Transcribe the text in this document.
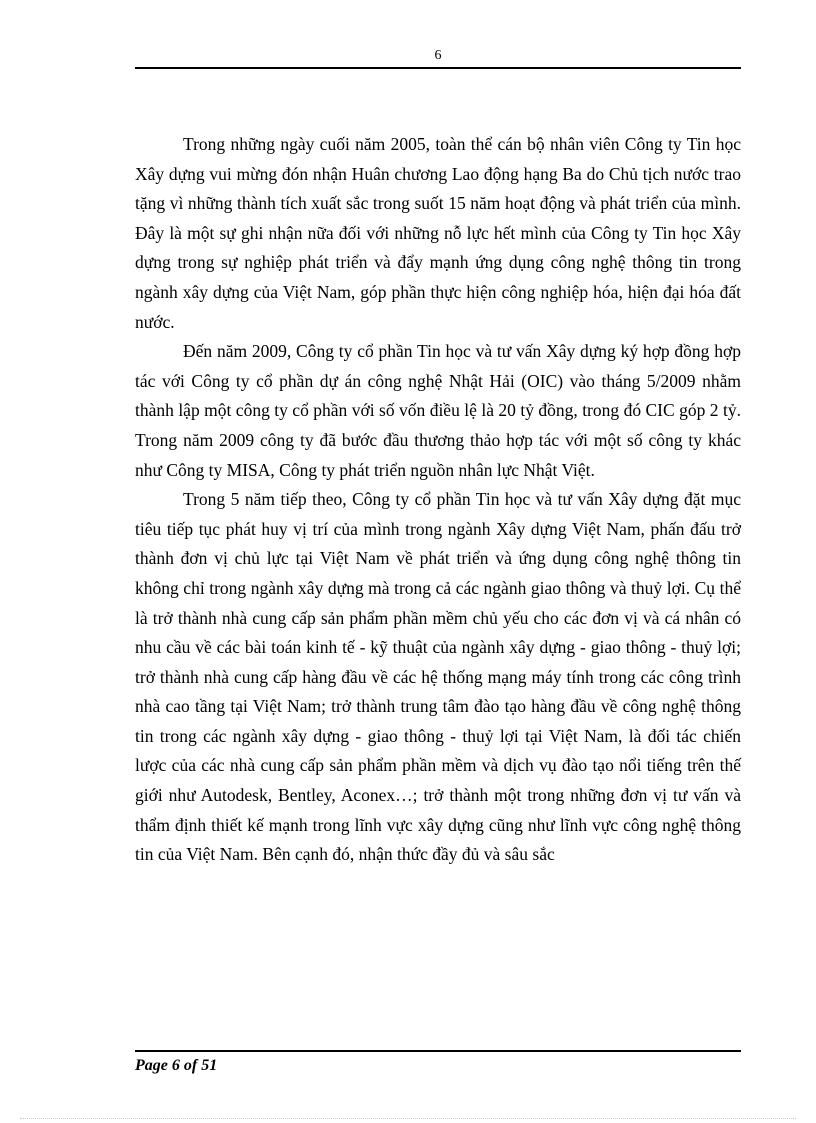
6

Trong những ngày cuối năm 2005, toàn thể cán bộ nhân viên Công ty Tin học Xây dựng vui mừng đón nhận Huân chương Lao động hạng Ba do Chủ tịch nước trao tặng vì những thành tích xuất sắc trong suốt 15 năm hoạt động và phát triển của mình. Đây là một sự ghi nhận nữa đối với những nỗ lực hết mình của Công ty Tin học Xây dựng trong sự nghiệp phát triển và đẩy mạnh ứng dụng công nghệ thông tin trong ngành xây dựng của Việt Nam, góp phần thực hiện công nghiệp hóa, hiện đại hóa đất nước.

Đến năm 2009, Công ty cổ phần Tin học và tư vấn Xây dựng ký hợp đồng hợp tác với Công ty cổ phần dự án công nghệ Nhật Hải (OIC) vào tháng 5/2009 nhằm thành lập một công ty cổ phần với số vốn điều lệ là 20 tỷ đồng, trong đó CIC góp 2 tỷ. Trong năm 2009 công ty đã bước đầu thương thảo hợp tác với một số công ty khác như Công ty MISA, Công ty phát triển nguồn nhân lực Nhật Việt.

Trong 5 năm tiếp theo, Công ty cổ phần Tin học và tư vấn Xây dựng đặt mục tiêu tiếp tục phát huy vị trí của mình trong ngành Xây dựng Việt Nam, phấn đấu trở thành đơn vị chủ lực tại Việt Nam về phát triển và ứng dụng công nghệ thông tin không chỉ trong ngành xây dựng mà trong cả các ngành giao thông và thuỷ lợi. Cụ thể là trở thành nhà cung cấp sản phẩm phần mềm chủ yếu cho các đơn vị và cá nhân có nhu cầu về các bài toán kinh tế - kỹ thuật của ngành xây dựng - giao thông - thuỷ lợi; trở thành nhà cung cấp hàng đầu về các hệ thống mạng máy tính trong các công trình nhà cao tầng tại Việt Nam; trở thành trung tâm đào tạo hàng đầu về công nghệ thông tin trong các ngành xây dựng - giao thông - thuỷ lợi tại Việt Nam, là đối tác chiến lược của các nhà cung cấp sản phẩm phần mềm và dịch vụ đào tạo nổi tiếng trên thế giới như Autodesk, Bentley, Aconex…; trở thành một trong những đơn vị tư vấn và thẩm định thiết kế mạnh trong lĩnh vực xây dựng cũng như lĩnh vực công nghệ thông tin của Việt Nam. Bên cạnh đó, nhận thức đầy đủ và sâu sắc

Page 6 of 51
